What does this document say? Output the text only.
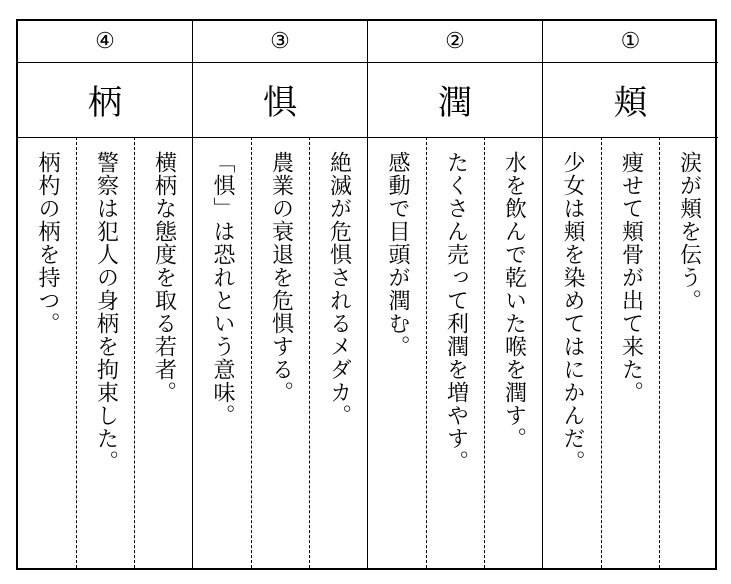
④
柄
柄杓の柄を持つ。 警察は犯人の身柄を拘束した。 横柄な態度を取る若者。
③
惧
「惧」は恐れという意味。 農業の衰退を危惧する。 絶滅が危惧されるメダカ。
②
潤
感動で目頭が潤む。 たくさん売って利潤を増やす。 水を飲んで乾いた喉を潤す。
①
頬
少女は頬を染めてはにかんだ。 痩せて頬骨が出て来た。 涙が頬を伝う。
